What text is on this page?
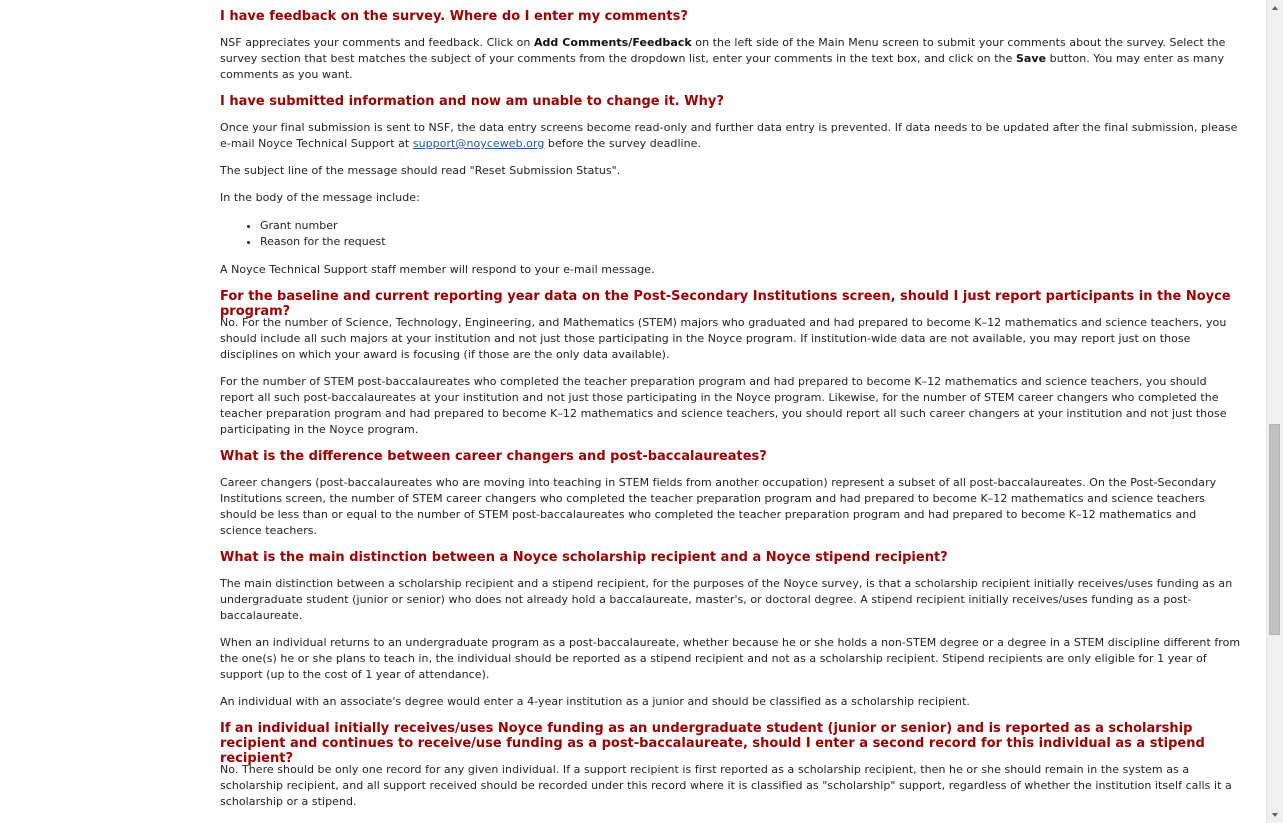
I have feedback on the survey. Where do I enter my comments?

NSF appreciates your comments and feedback. Click on Add Comments/Feedback on the left side of the Main Menu screen to submit your comments about the survey. Select the survey section that best matches the subject of your comments from the dropdown list, enter your comments in the text box, and click on the Save button. You may enter as many comments as you want.

I have submitted information and now am unable to change it. Why?

Once your final submission is sent to NSF, the data entry screens become read-only and further data entry is prevented. If data needs to be updated after the final submission, please e-mail Noyce Technical Support at support@noyceweb.org before the survey deadline.

The subject line of the message should read "Reset Submission Status".

In the body of the message include:

• Grant number
• Reason for the request

A Noyce Technical Support staff member will respond to your e-mail message.

For the baseline and current reporting year data on the Post-Secondary Institutions screen, should I just report participants in the Noyce program?

No. For the number of Science, Technology, Engineering, and Mathematics (STEM) majors who graduated and had prepared to become K–12 mathematics and science teachers, you should include all such majors at your institution and not just those participating in the Noyce program. If institution-wide data are not available, you may report just on those disciplines on which your award is focusing (if those are the only data available).

For the number of STEM post-baccalaureates who completed the teacher preparation program and had prepared to become K–12 mathematics and science teachers, you should report all such post-baccalaureates at your institution and not just those participating in the Noyce program. Likewise, for the number of STEM career changers who completed the teacher preparation program and had prepared to become K–12 mathematics and science teachers, you should report all such career changers at your institution and not just those participating in the Noyce program.

What is the difference between career changers and post-baccalaureates?

Career changers (post-baccalaureates who are moving into teaching in STEM fields from another occupation) represent a subset of all post-baccalaureates. On the Post-Secondary Institutions screen, the number of STEM career changers who completed the teacher preparation program and had prepared to become K–12 mathematics and science teachers should be less than or equal to the number of STEM post-baccalaureates who completed the teacher preparation program and had prepared to become K–12 mathematics and science teachers.

What is the main distinction between a Noyce scholarship recipient and a Noyce stipend recipient?

The main distinction between a scholarship recipient and a stipend recipient, for the purposes of the Noyce survey, is that a scholarship recipient initially receives/uses funding as an undergraduate student (junior or senior) who does not already hold a baccalaureate, master's, or doctoral degree. A stipend recipient initially receives/uses funding as a post-baccalaureate.

When an individual returns to an undergraduate program as a post-baccalaureate, whether because he or she holds a non-STEM degree or a degree in a STEM discipline different from the one(s) he or she plans to teach in, the individual should be reported as a stipend recipient and not as a scholarship recipient. Stipend recipients are only eligible for 1 year of support (up to the cost of 1 year of attendance).

An individual with an associate's degree would enter a 4-year institution as a junior and should be classified as a scholarship recipient.

If an individual initially receives/uses Noyce funding as an undergraduate student (junior or senior) and is reported as a scholarship recipient and continues to receive/use funding as a post-baccalaureate, should I enter a second record for this individual as a stipend recipient?

No. There should be only one record for any given individual. If a support recipient is first reported as a scholarship recipient, then he or she should remain in the system as a scholarship recipient, and all support received should be recorded under this record where it is classified as "scholarship" support, regardless of whether the institution itself calls it a scholarship or a stipend.
